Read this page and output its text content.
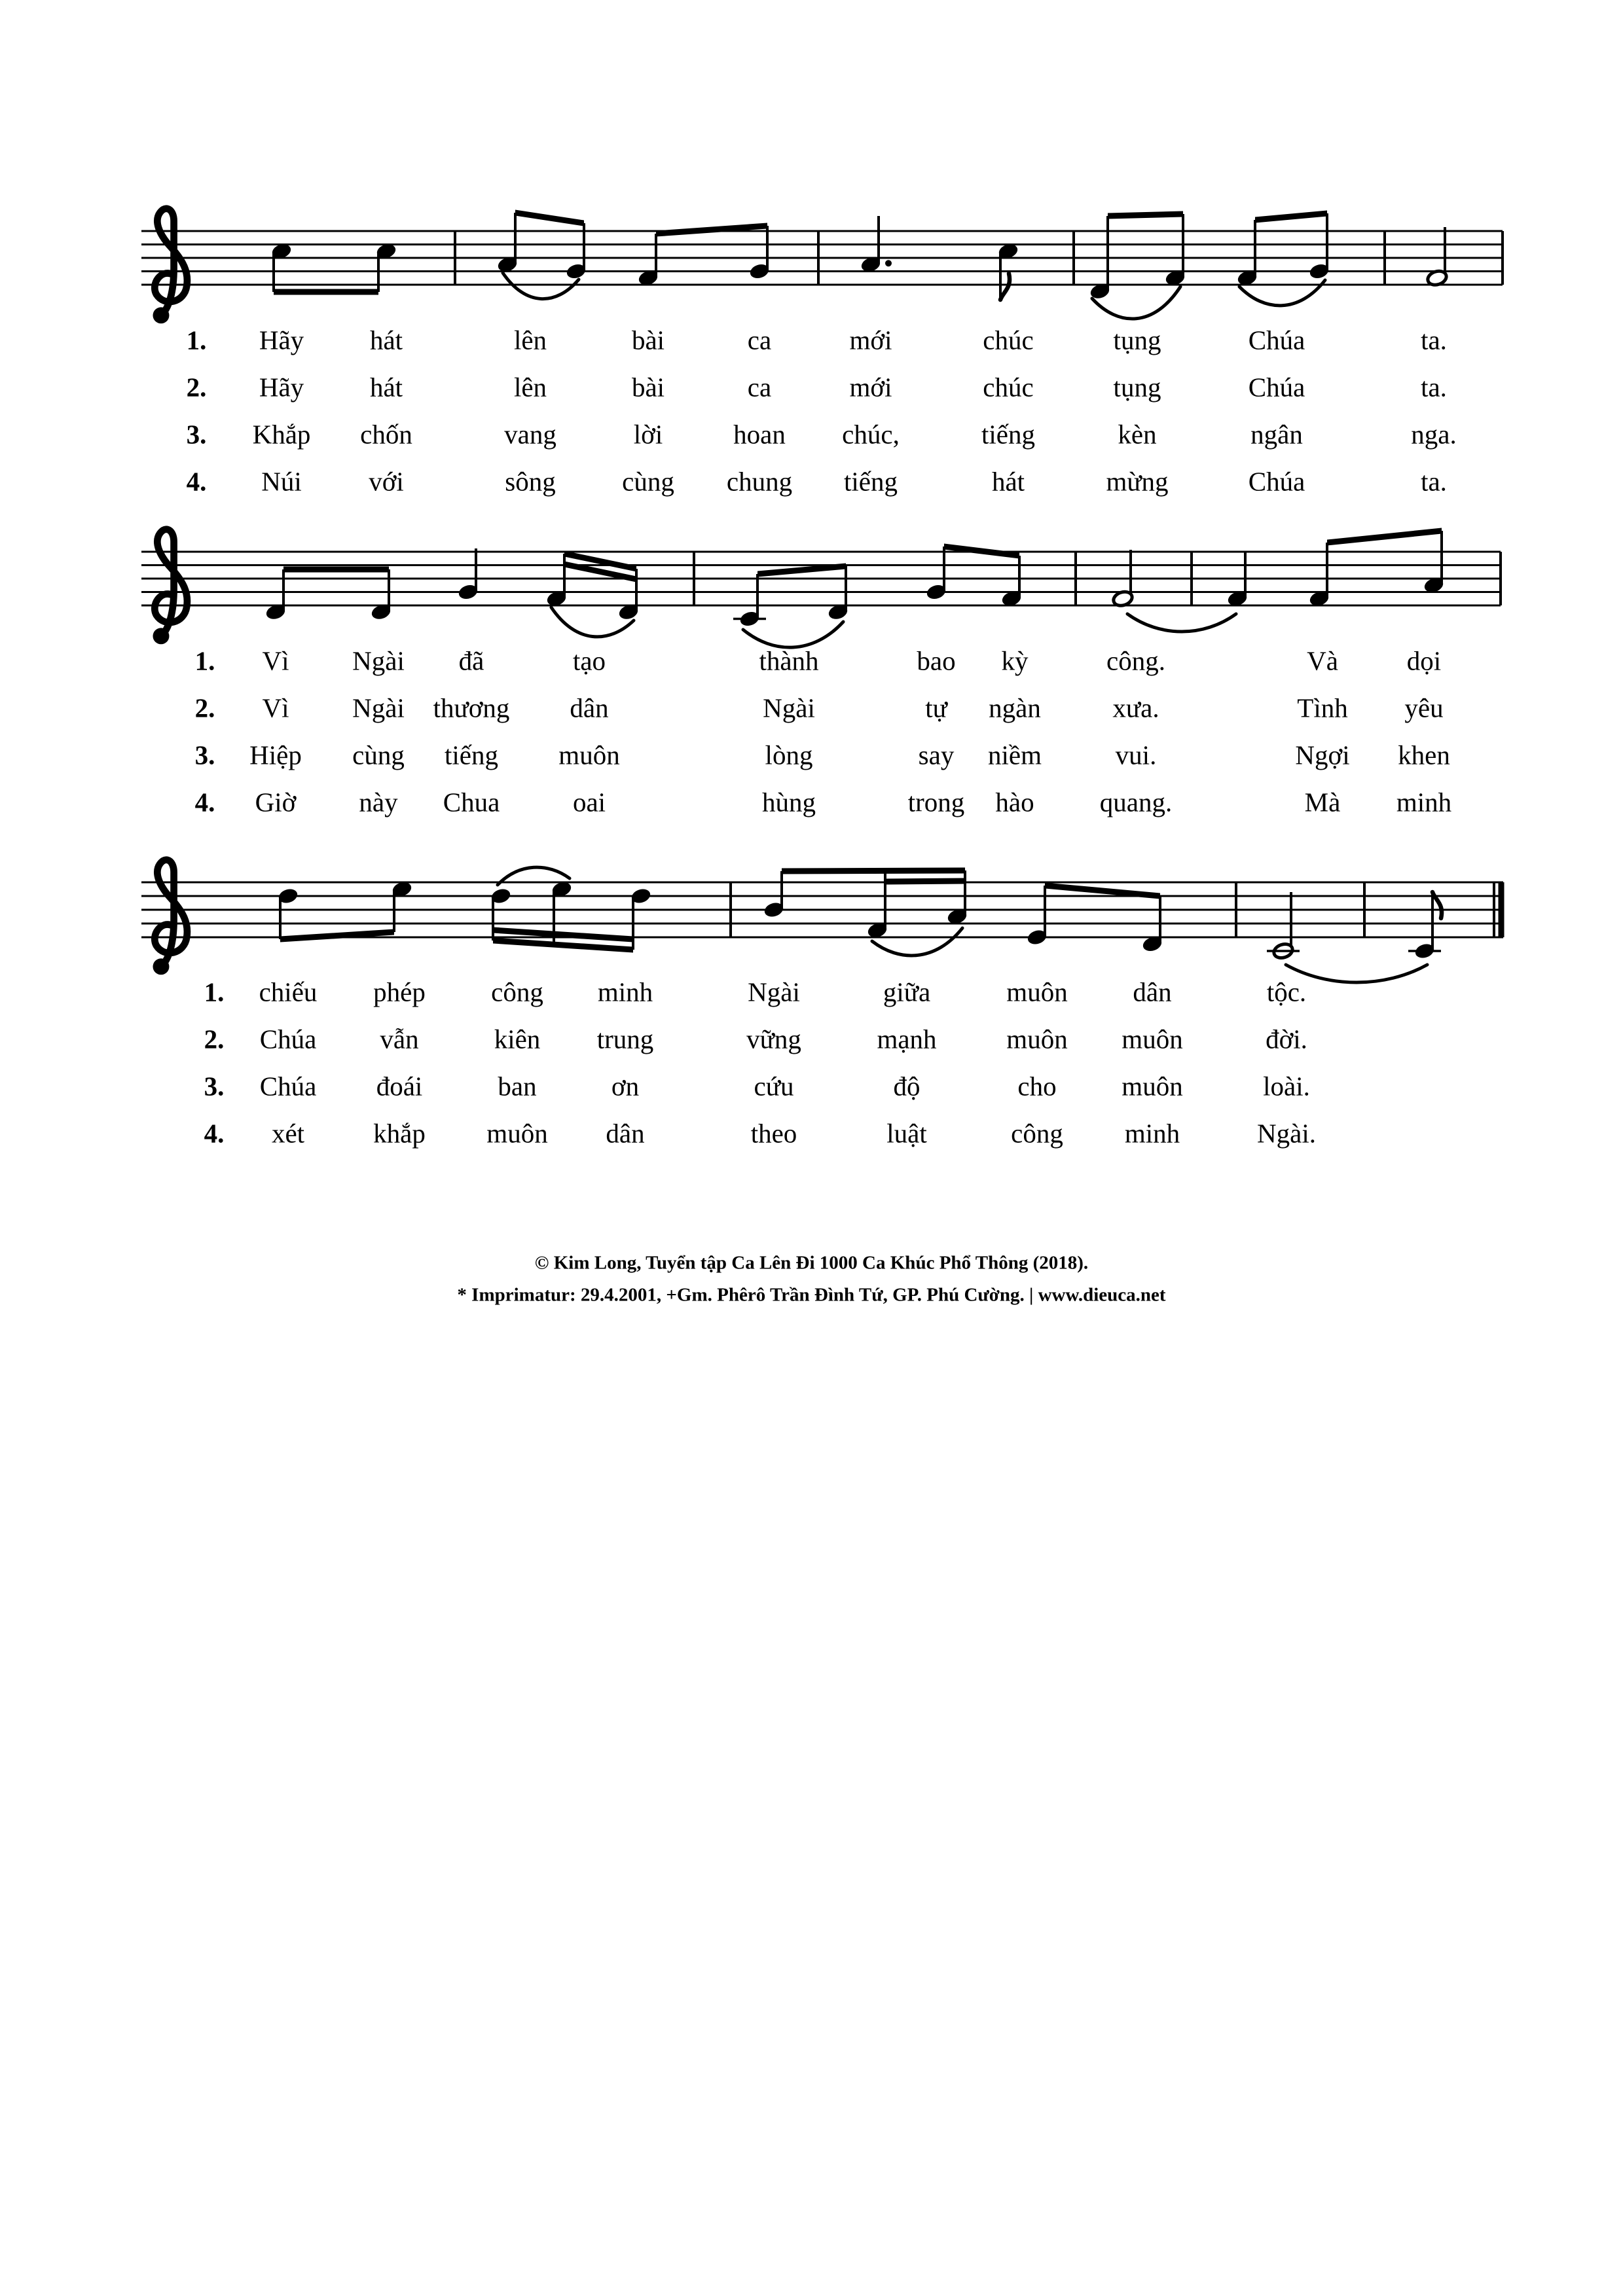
1. Hãy hát	lên	bài	ca	mới	chúc	tụng	Chúa	ta.
2. Hãy hát	lên	bài	ca	mới	chúc	tụng	Chúa	ta.
3. Khắp chốn	vang	lời	hoan chúc,	tiếng	kèn	ngân	nga.
4. Núi với	sông cùng chung tiếng	hát	mừng	Chúa	ta.
1. Vì Ngài đã	tạo	thành	bao kỳ	công.	Và	dọi
2. Vì Ngài thương dân	Ngài	tự ngàn	xưa.	Tình yêu
3. Hiệp cùng tiếng muôn	lòng	say niềm	vui.	Ngợi khen
4. Giờ này Chua	oai	hùng	trong hào quang.	Mà minh
1. chiếu phép công minh	Ngài	giữa	muôn dân	tộc.
2. Chúa vẫn	kiên trung	vững	mạnh	muôn muôn	đời.
3. Chúa đoái	ban	ơn	cứu	độ	cho muôn	loài.
4. xét	khắp muôn dân	theo	luật	công minh	Ngài.
© Kim Long, Tuyển tập Ca Lên Đi 1000 Ca Khúc Phổ Thông (2018).
* Imprimatur: 29.4.2001, +Gm. Phêrô Trần Đình Tứ, GP. Phú Cường. | www.dieuca.net
